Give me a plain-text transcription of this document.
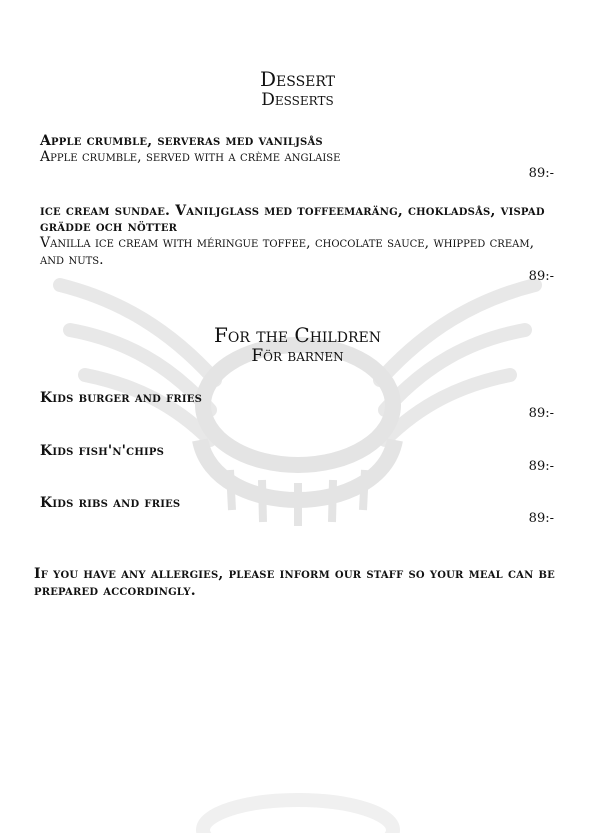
Dessert
Desserts
Apple crumble, serveras med vaniljsås
Apple crumble, served with a crème anglaise
89:-
ice cream sundae. Vaniljglass med toffeemaräng, chokladsås, vispad grädde och nötter
Vanilla ice cream with méringue toffee, chocolate sauce, whipped cream, and nuts.
89:-
For the Children
För barnen
Kids burger and fries
89:-
Kids fish'n'chips
89:-
Kids ribs and fries
89:-
If you have any allergies, please inform our staff so your meal can be prepared accordingly.
